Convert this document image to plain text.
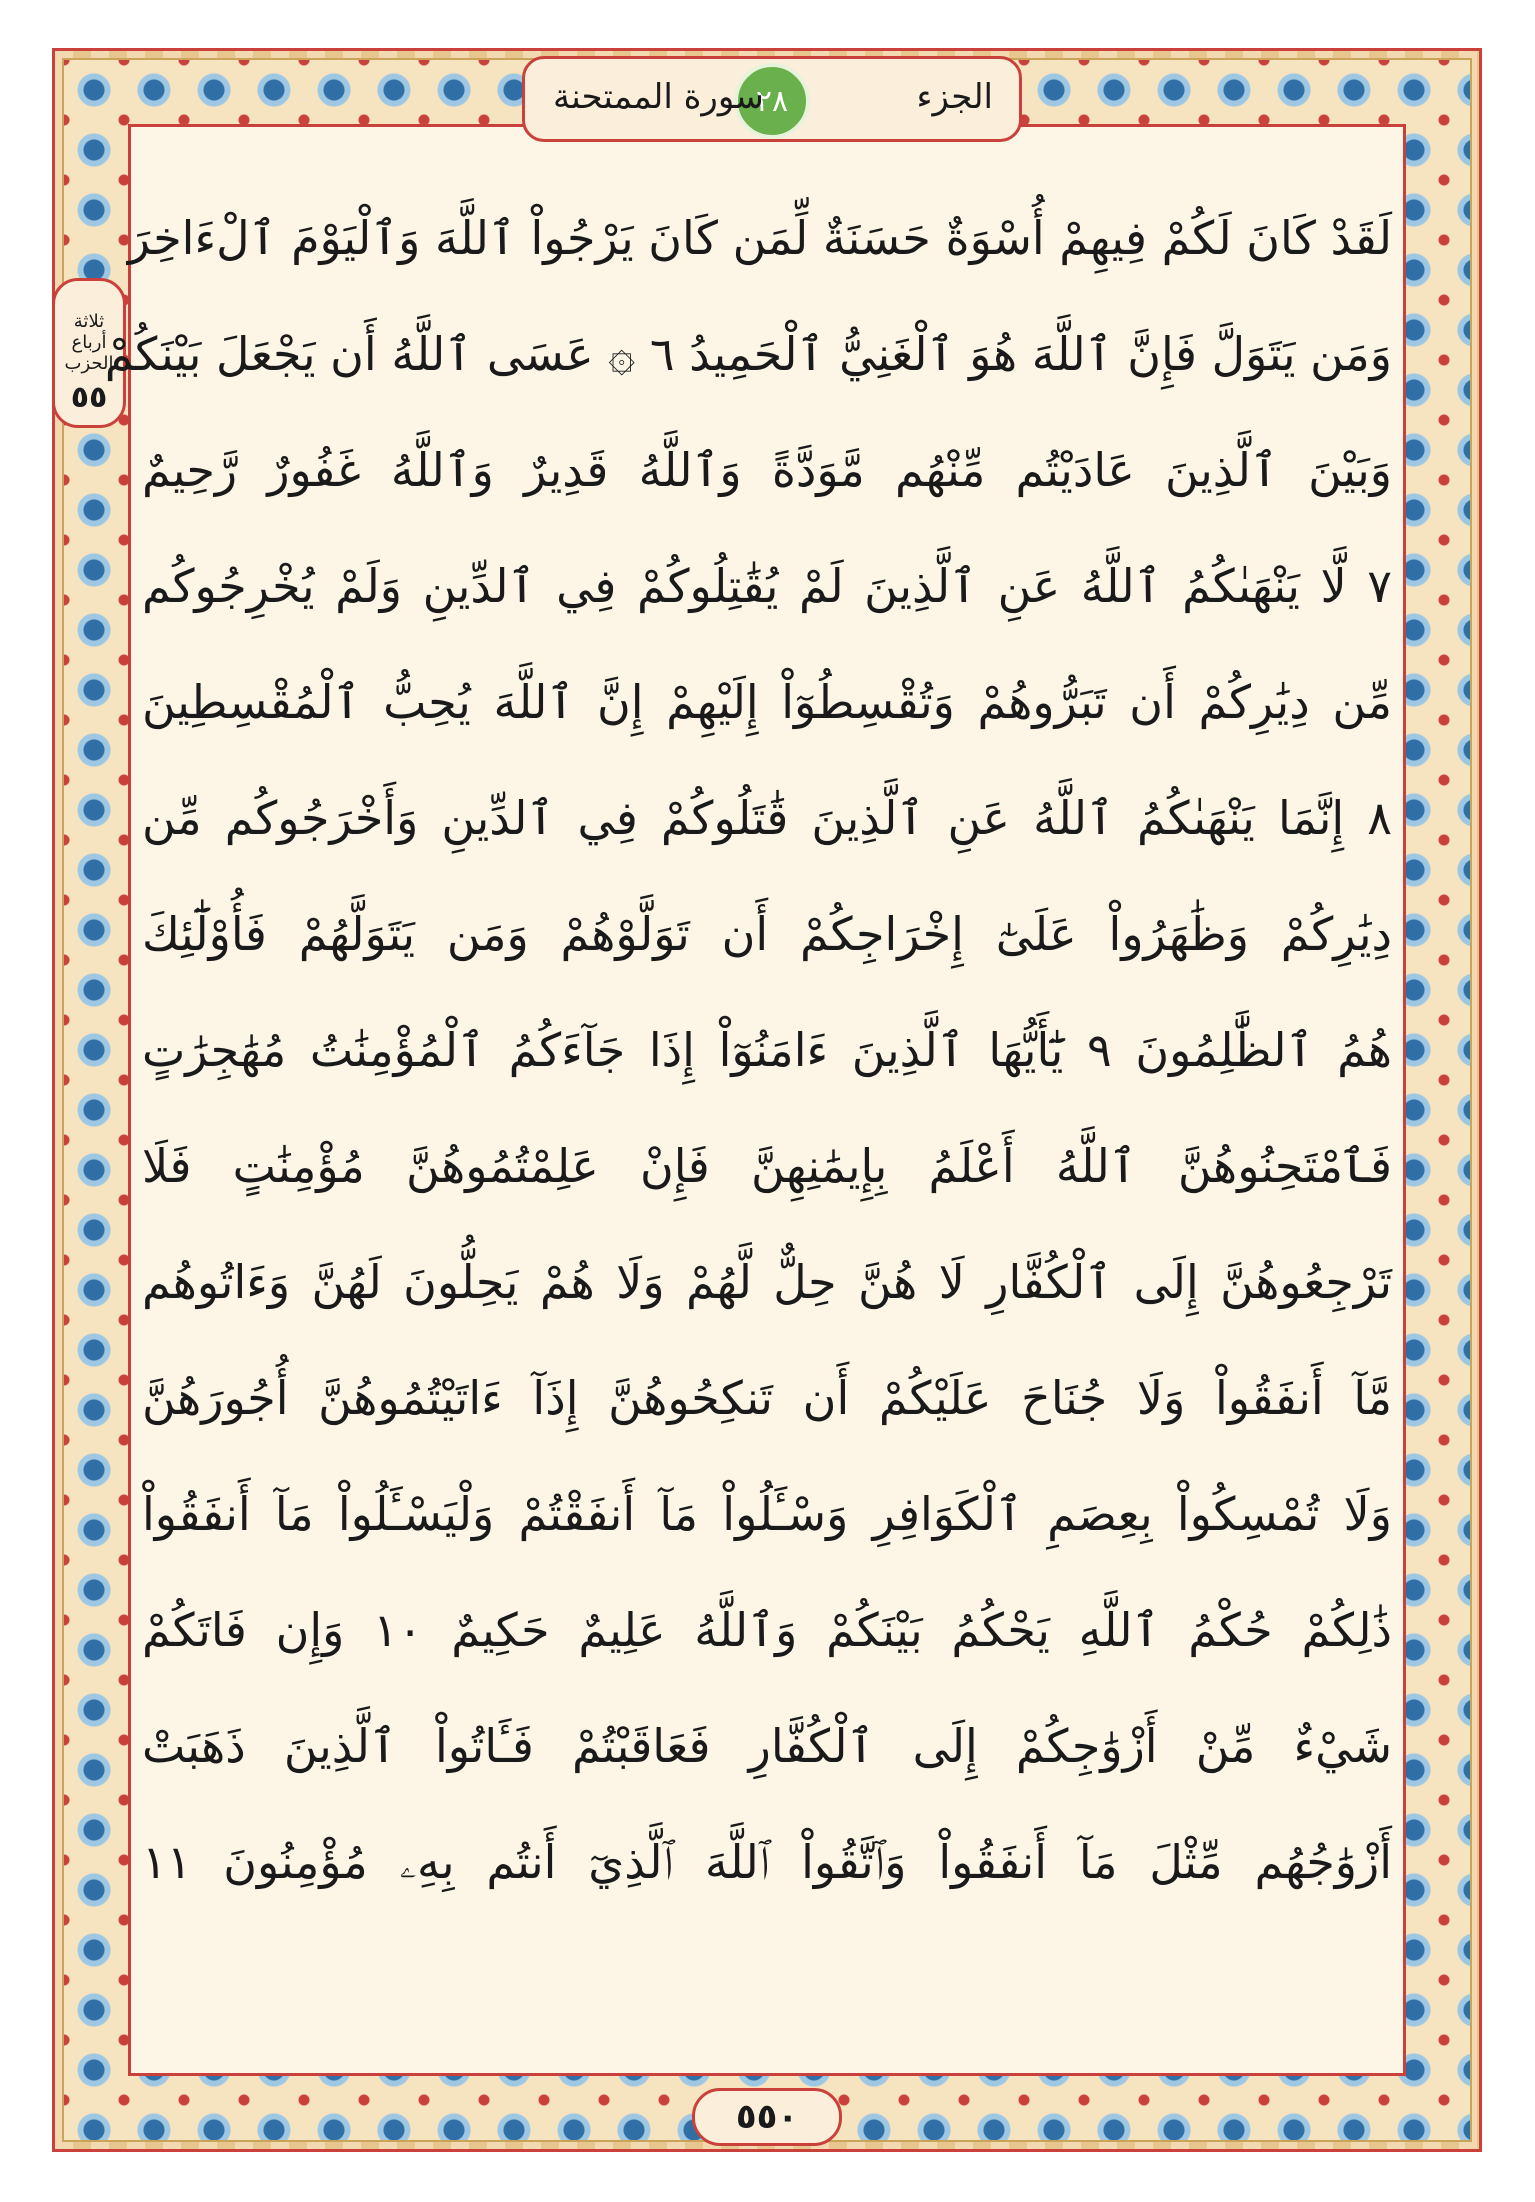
الجزء
٢٨
سورة الممتحنة
ثلاثة أرباع الحزب
٥٥
لَقَدْ كَانَ لَكُمْ فِيهِمْ أُسْوَةٌ حَسَنَةٌ لِّمَن كَانَ يَرْجُواْ ٱللَّهَ وَٱلْيَوْمَ ٱلْءَاخِرَ
وَمَن يَتَوَلَّ فَإِنَّ ٱللَّهَ هُوَ ٱلْغَنِيُّ ٱلْحَمِيدُ ٦ ۞ عَسَى ٱللَّهُ أَن يَجْعَلَ بَيْنَكُمْ
وَبَيْنَ ٱلَّذِينَ عَادَيْتُم مِّنْهُم مَّوَدَّةً وَٱللَّهُ قَدِيرٌ وَٱللَّهُ غَفُورٌ رَّحِيمٌ
٧ لَّا يَنْهَىٰكُمُ ٱللَّهُ عَنِ ٱلَّذِينَ لَمْ يُقَٰتِلُوكُمْ فِي ٱلدِّينِ وَلَمْ يُخْرِجُوكُم
مِّن دِيَٰرِكُمْ أَن تَبَرُّوهُمْ وَتُقْسِطُوٓاْ إِلَيْهِمْ إِنَّ ٱللَّهَ يُحِبُّ ٱلْمُقْسِطِينَ
٨ إِنَّمَا يَنْهَىٰكُمُ ٱللَّهُ عَنِ ٱلَّذِينَ قَٰتَلُوكُمْ فِي ٱلدِّينِ وَأَخْرَجُوكُم مِّن
دِيَٰرِكُمْ وَظَٰهَرُواْ عَلَىٰٓ إِخْرَاجِكُمْ أَن تَوَلَّوْهُمْ وَمَن يَتَوَلَّهُمْ فَأُوْلَٰٓئِكَ
هُمُ ٱلظَّٰلِمُونَ ٩ يَٰٓأَيُّهَا ٱلَّذِينَ ءَامَنُوٓاْ إِذَا جَآءَكُمُ ٱلْمُؤْمِنَٰتُ مُهَٰجِرَٰتٍ
فَٱمْتَحِنُوهُنَّ ٱللَّهُ أَعْلَمُ بِإِيمَٰنِهِنَّ فَإِنْ عَلِمْتُمُوهُنَّ مُؤْمِنَٰتٍ فَلَا
تَرْجِعُوهُنَّ إِلَى ٱلْكُفَّارِ لَا هُنَّ حِلٌّ لَّهُمْ وَلَا هُمْ يَحِلُّونَ لَهُنَّ وَءَاتُوهُم
مَّآ أَنفَقُواْ وَلَا جُنَاحَ عَلَيْكُمْ أَن تَنكِحُوهُنَّ إِذَآ ءَاتَيْتُمُوهُنَّ أُجُورَهُنَّ
وَلَا تُمْسِكُواْ بِعِصَمِ ٱلْكَوَافِرِ وَسْـَٔلُواْ مَآ أَنفَقْتُمْ وَلْيَسْـَٔلُواْ مَآ أَنفَقُواْ
ذَٰلِكُمْ حُكْمُ ٱللَّهِ يَحْكُمُ بَيْنَكُمْ وَٱللَّهُ عَلِيمٌ حَكِيمٌ ١٠ وَإِن فَاتَكُمْ
شَيْءٌ مِّنْ أَزْوَٰجِكُمْ إِلَى ٱلْكُفَّارِ فَعَاقَبْتُمْ فَـَٔاتُواْ ٱلَّذِينَ ذَهَبَتْ
أَزْوَٰجُهُم مِّثْلَ مَآ أَنفَقُواْ وَٱتَّقُواْ ٱللَّهَ ٱلَّذِيٓ أَنتُم بِهِۦ مُؤْمِنُونَ ١١
٥٥٠
